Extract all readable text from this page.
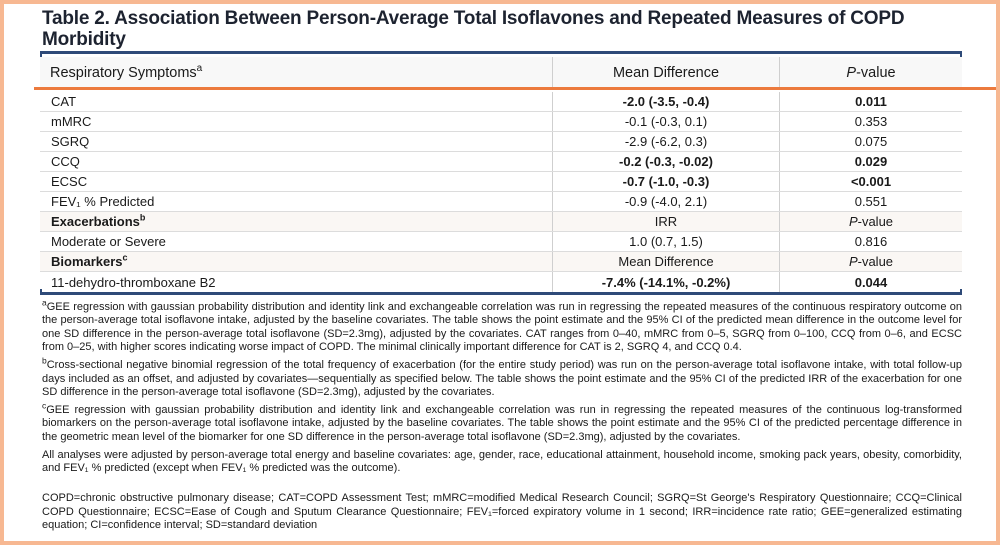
Table 2. Association Between Person-Average Total Isoflavones and Repeated Measures of COPD Morbidity
Respiratory Symptoms$^a$	Mean Difference	P -value
CAT	-2.0 (-3.5, -0.4)	0.011
mMRC	-0.1 (-0.3, 0.1)	0.353
SGRQ	-2.9 (-6.2, 0.3)	0.075
CCQ	-0.2 (-0.3, -0.02)	0.029
ECSC	-0.7 (-1.0, -0.3)	<0.001
FEV₁ % Predicted	-0.9 (-4.0, 2.1)	0.551
Exacerbations$^b$	IRR	P -value
Moderate or Severe	1.0 (0.7, 1.5)	0.816
Biomarkers$^c$	Mean Difference	P -value
11-dehydro-thromboxane B2	-7.4% (-14.1%, -0.2%)	0.044

$^a$GEE regression with gaussian probability distribution and identity link and exchangeable correlation was run in regressing the repeated measures of the continuous respiratory outcome on the person-average total isoflavone intake, adjusted by the baseline covariates. The table shows the point estimate and the 95% CI of the predicted mean difference in the outcome level for one SD difference in the person-average total isoflavone (SD=2.3mg), adjusted by the covariates. CAT ranges from 0–40, mMRC from 0–5, SGRQ from 0–100, CCQ from 0–6, and ECSC from 0–25, with higher scores indicating worse impact of COPD. The minimal clinically important difference for CAT is 2, SGRQ 4, and CCQ 0.4.

$^b$Cross-sectional negative binomial regression of the total frequency of exacerbation (for the entire study period) was run on the person-average total isoflavone intake, with total follow-up days included as an offset, and adjusted by covariates—sequentially as specified below. The table shows the point estimate and the 95% CI of the predicted IRR of the exacerbation for one SD difference in the person-average total isoflavone (SD=2.3mg), adjusted by the covariates.

$^c$GEE regression with gaussian probability distribution and identity link and exchangeable correlation was run in regressing the repeated measures of the continuous log-transformed biomarkers on the person-average total isoflavone intake, adjusted by the baseline covariates. The table shows the point estimate and the 95% CI of the predicted percentage difference in the geometric mean level of the biomarker for one SD difference in the person-average total isoflavone (SD=2.3mg), adjusted by the covariates.

All analyses were adjusted by person-average total energy and baseline covariates: age, gender, race, educational attainment, household income, smoking pack years, obesity, comorbidity, and FEV₁ % predicted (except when FEV₁ % predicted was the outcome).

COPD=chronic obstructive pulmonary disease; CAT=COPD Assessment Test; mMRC=modified Medical Research Council; SGRQ=St George's Respiratory Questionnaire; CCQ=Clinical COPD Questionnaire; ECSC=Ease of Cough and Sputum Clearance Questionnaire; FEV₁=forced expiratory volume in 1 second; IRR=incidence rate ratio; GEE=generalized estimating equation; CI=confidence interval; SD=standard deviation
